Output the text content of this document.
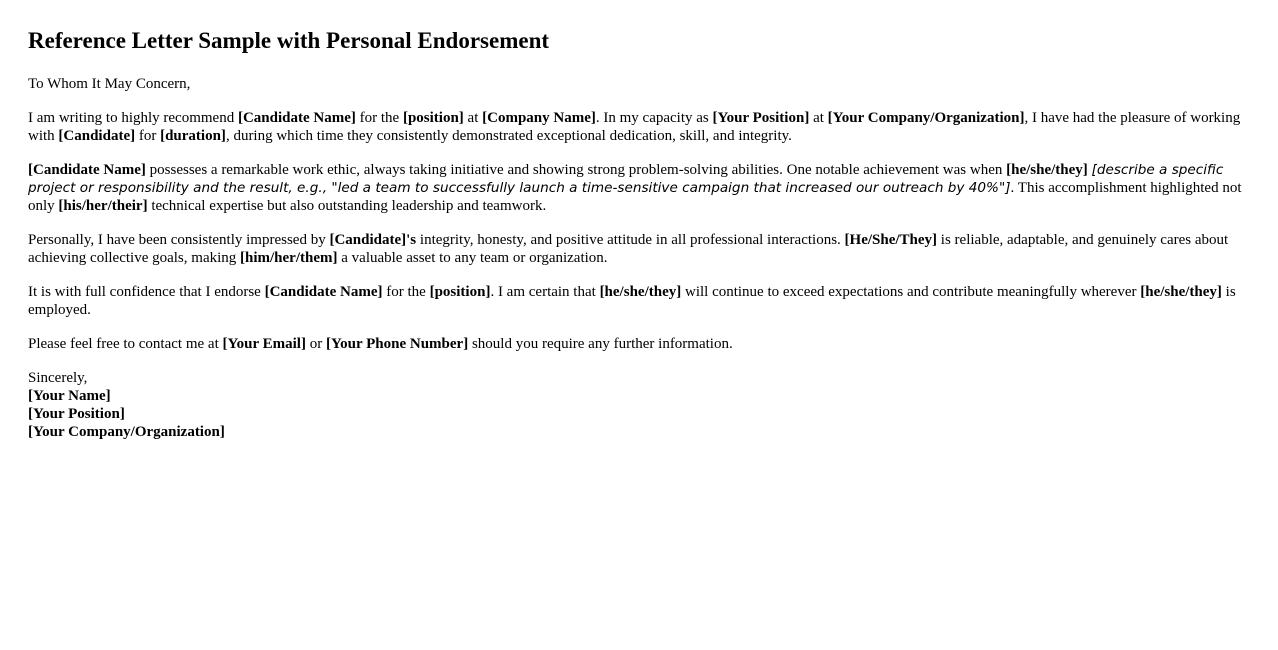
Reference Letter Sample with Personal Endorsement

To Whom It May Concern,

I am writing to highly recommend [Candidate Name] for the [position] at [Company Name]. In my capacity as [Your Position] at [Your Company/Organization], I have had the pleasure of working with [Candidate] for [duration], during which time they consistently demonstrated exceptional dedication, skill, and integrity.

[Candidate Name] possesses a remarkable work ethic, always taking initiative and showing strong problem-solving abilities. One notable achievement was when [he/she/they] [describe a specific project or responsibility and the result, e.g., "led a team to successfully launch a time-sensitive campaign that increased our outreach by 40%"]. This accomplishment highlighted not only [his/her/their] technical expertise but also outstanding leadership and teamwork.

Personally, I have been consistently impressed by [Candidate]'s integrity, honesty, and positive attitude in all professional interactions. [He/She/They] is reliable, adaptable, and genuinely cares about achieving collective goals, making [him/her/them] a valuable asset to any team or organization.

It is with full confidence that I endorse [Candidate Name] for the [position]. I am certain that [he/she/they] will continue to exceed expectations and contribute meaningfully wherever [he/she/they] is employed.

Please feel free to contact me at [Your Email] or [Your Phone Number] should you require any further information.

Sincerely,
[Your Name]
[Your Position]
[Your Company/Organization]
